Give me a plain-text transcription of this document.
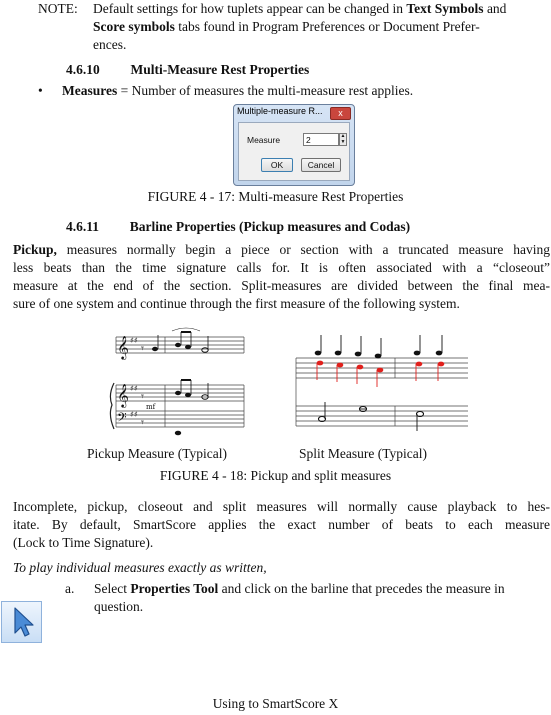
NOTE: Default settings for how tuplets appear can be changed in Text Symbols and
Score symbols tabs found in Program Preferences or Document Prefer-
ences.
4.6.10 Multi-Measure Rest Properties
• Measures = Number of measures the multi-measure rest applies.
Multiple-measure R...	x
Measure	2	▲
▼
OK	Cancel
FIGURE 4 - 17: Multi-measure Rest Properties
4.6.11 Barline Properties (Pickup measures and Codas)
Pickup, measures normally begin a piece or section with a truncated measure having
less beats than the time signature calls for. It is often associated with a “closeout”
measure at the end of the section. Split-measures are divided between the final mea-
sure of one system and continue through the first measure of the following system.
𝄞
𝄞
𝄢
♯♯
♯♯
♯♯
𝄾
𝄾
𝄾
mf
Pickup Measure (Typical)	Split Measure (Typical)
FIGURE 4 - 18: Pickup and split measures
Incomplete, pickup, closeout and split measures will normally cause playback to hes-
itate. By default, SmartScore applies the exact number of beats to each measure
(Lock to Time Signature).
To play individual measures exactly as written,
a. Select Properties Tool and click on the barline that precedes the measure in
question.
Using to SmartScore X
